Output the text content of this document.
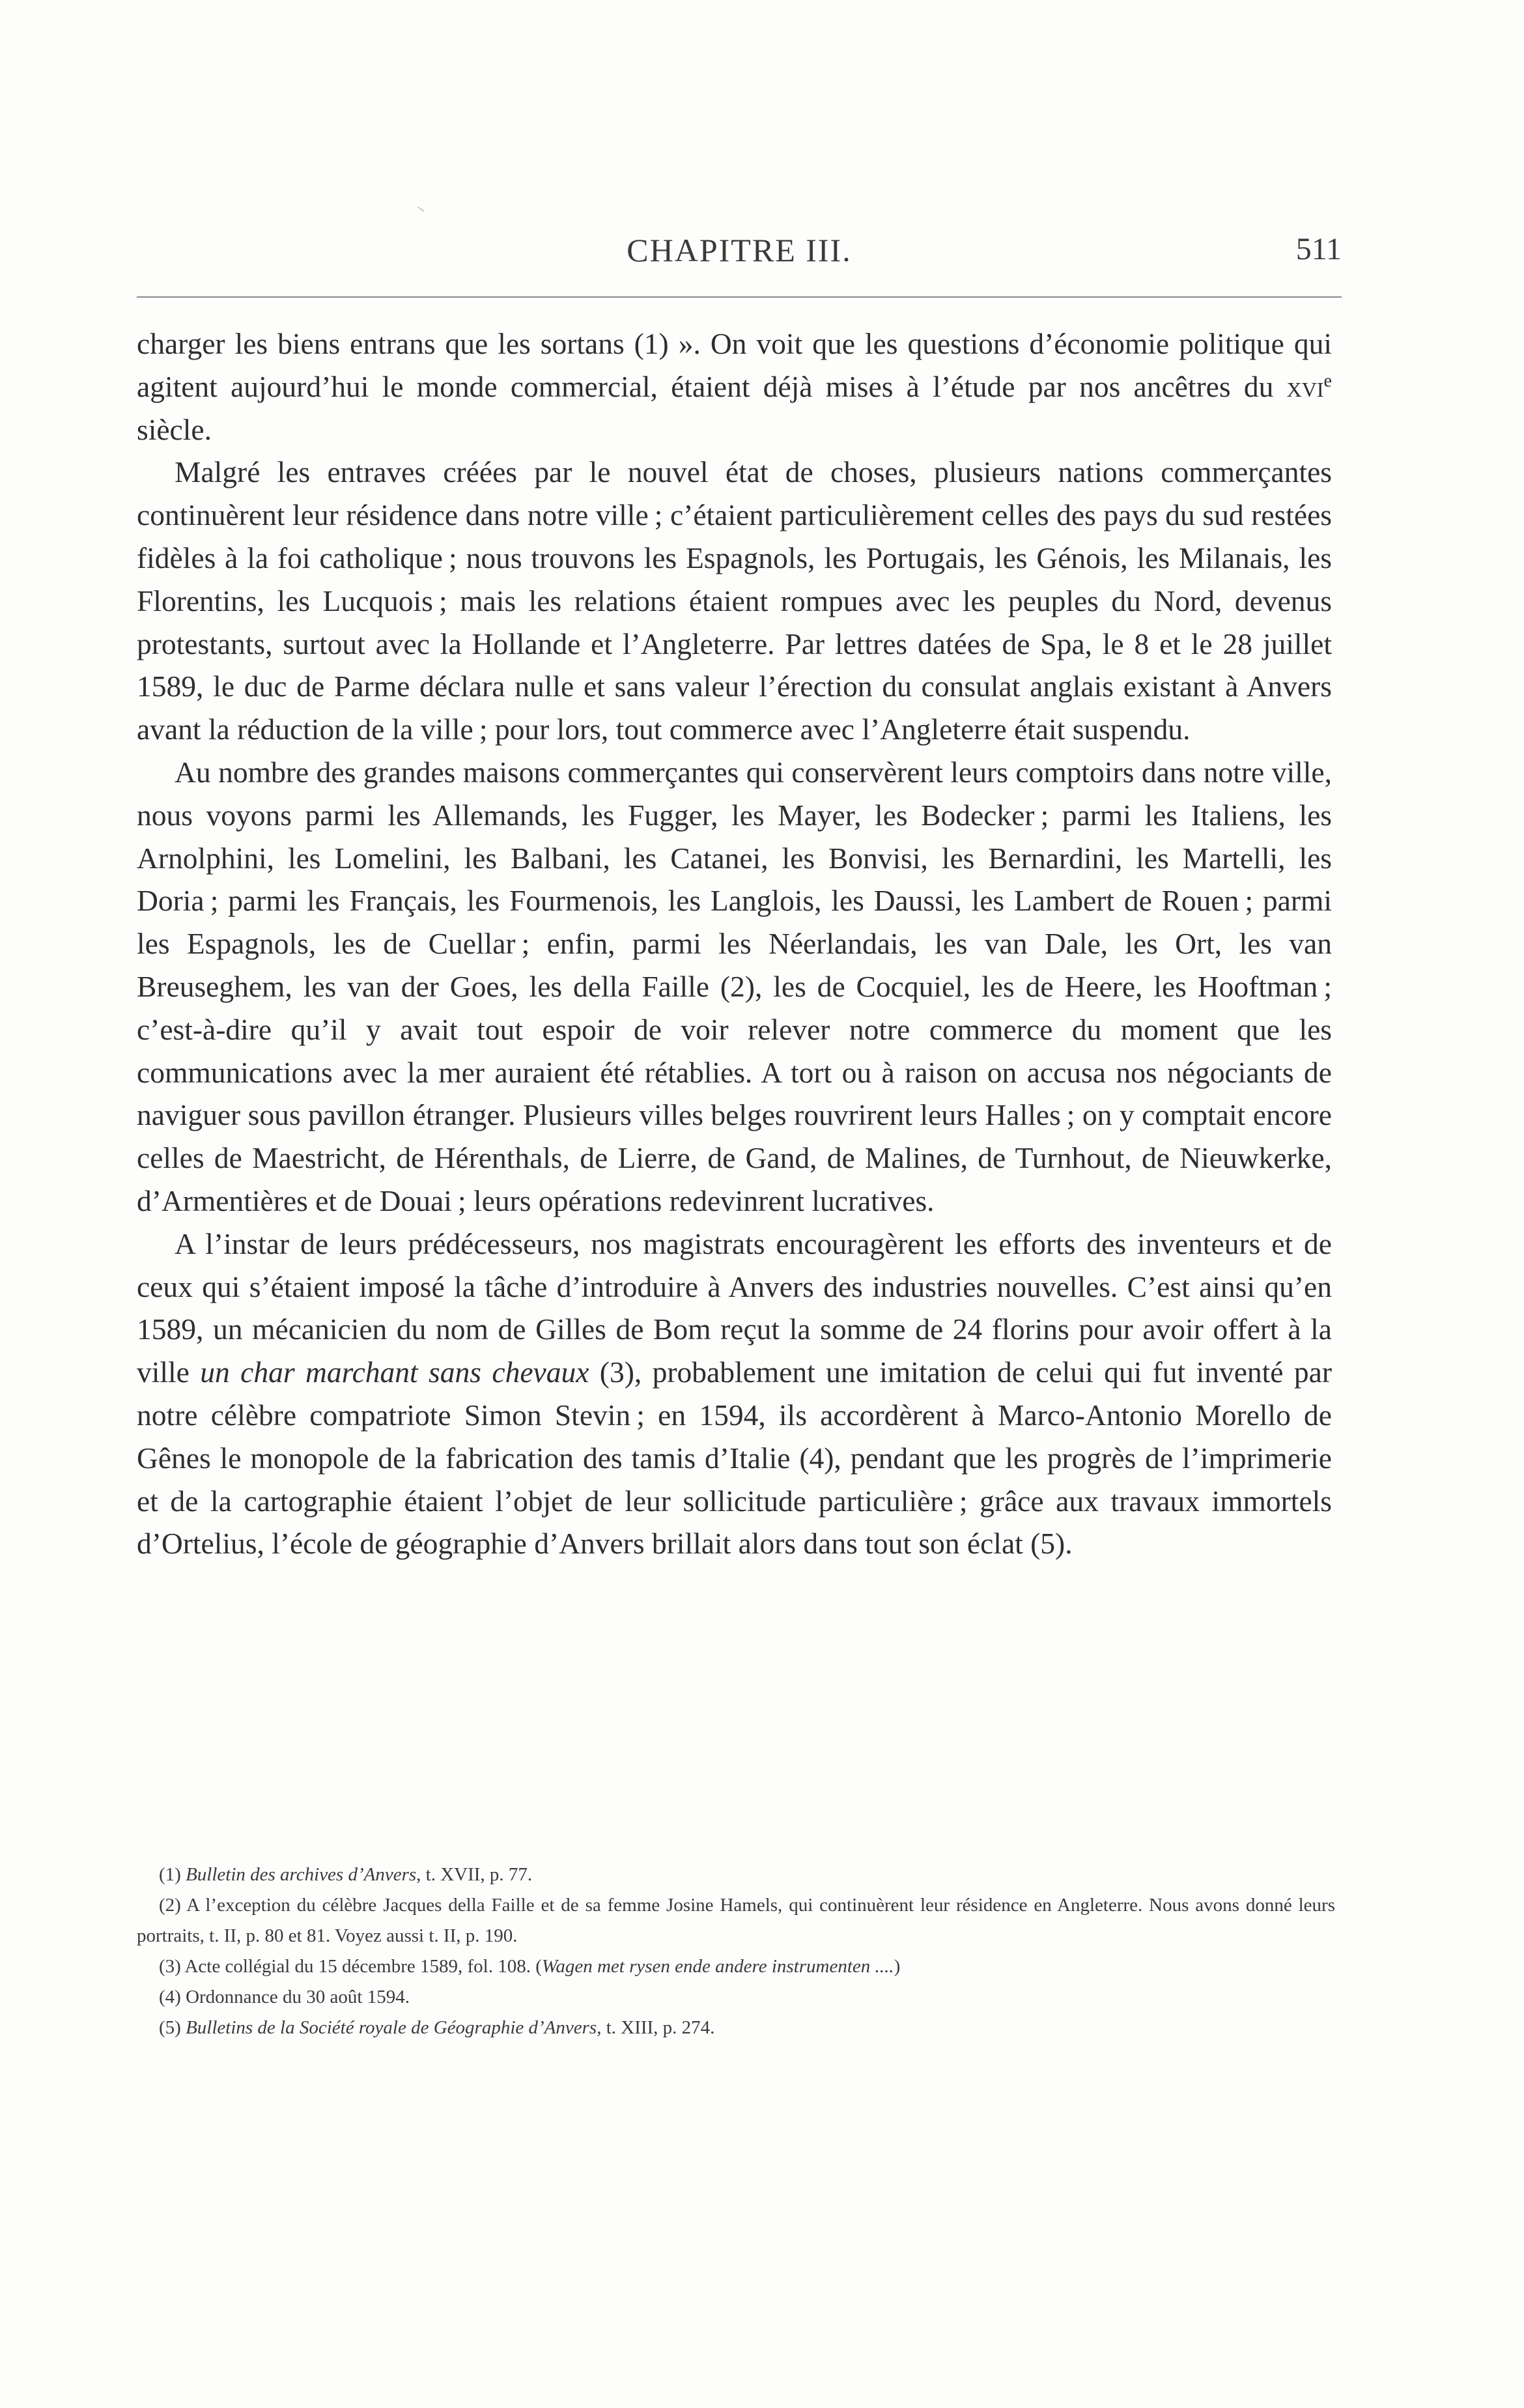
CHAPITRE III.	511

charger les biens entrans que les sortans (1) ». On voit que les questions d’économie politique qui agitent aujourd’hui le monde commercial, étaient déjà mises à l’étude par nos ancêtres du xvi$^e$ siècle.

Malgré les entraves créées par le nouvel état de choses, plusieurs nations commerçantes continuèrent leur résidence dans notre ville ; c’étaient particulièrement celles des pays du sud restées fidèles à la foi catholique ; nous trouvons les Espagnols, les Portugais, les Génois, les Milanais, les Florentins, les Lucquois ; mais les relations étaient rompues avec les peuples du Nord, devenus protestants, surtout avec la Hollande et l’Angleterre. Par lettres datées de Spa, le 8 et le 28 juillet 1589, le duc de Parme déclara nulle et sans valeur l’érection du consulat anglais existant à Anvers avant la réduction de la ville ; pour lors, tout commerce avec l’Angleterre était suspendu.

Au nombre des grandes maisons commerçantes qui conservèrent leurs comptoirs dans notre ville, nous voyons parmi les Allemands, les Fugger, les Mayer, les Bodecker ; parmi les Italiens, les Arnolphini, les Lomelini, les Balbani, les Catanei, les Bonvisi, les Bernardini, les Martelli, les Doria ; parmi les Français, les Fourmenois, les Langlois, les Daussi, les Lambert de Rouen ; parmi les Espagnols, les de Cuellar ; enfin, parmi les Néerlandais, les van Dale, les Ort, les van Breuseghem, les van der Goes, les della Faille (2), les de Cocquiel, les de Heere, les Hooftman ; c’est-à-dire qu’il y avait tout espoir de voir relever notre commerce du moment que les communications avec la mer auraient été rétablies. A tort ou à raison on accusa nos négociants de naviguer sous pavillon étranger. Plusieurs villes belges rouvrirent leurs Halles ; on y comptait encore celles de Maestricht, de Hérenthals, de Lierre, de Gand, de Malines, de Turnhout, de Nieuwkerke, d’Armentières et de Douai ; leurs opérations redevinrent lucratives.

A l’instar de leurs prédécesseurs, nos magistrats encouragèrent les efforts des inventeurs et de ceux qui s’étaient imposé la tâche d’introduire à Anvers des industries nouvelles. C’est ainsi qu’en 1589, un mécanicien du nom de Gilles de Bom reçut la somme de 24 florins pour avoir offert à la ville un char marchant sans chevaux (3), probablement une imitation de celui qui fut inventé par notre célèbre compatriote Simon Stevin ; en 1594, ils accordèrent à Marco-Antonio Morello de Gênes le monopole de la fabrication des tamis d’Italie (4), pendant que les progrès de l’imprimerie et de la cartographie étaient l’objet de leur sollicitude particulière ; grâce aux travaux immortels d’Ortelius, l’école de géographie d’Anvers brillait alors dans tout son éclat (5).

(1) Bulletin des archives d’Anvers, t. XVII, p. 77.

(2) A l’exception du célèbre Jacques della Faille et de sa femme Josine Hamels, qui continuèrent leur résidence en Angleterre. Nous avons donné leurs portraits, t. II, p. 80 et 81. Voyez aussi t. II, p. 190.

(3) Acte collégial du 15 décembre 1589, fol. 108. (Wagen met rysen ende andere instrumenten ....)

(4) Ordonnance du 30 août 1594.

(5) Bulletins de la Société royale de Géographie d’Anvers, t. XIII, p. 274.
